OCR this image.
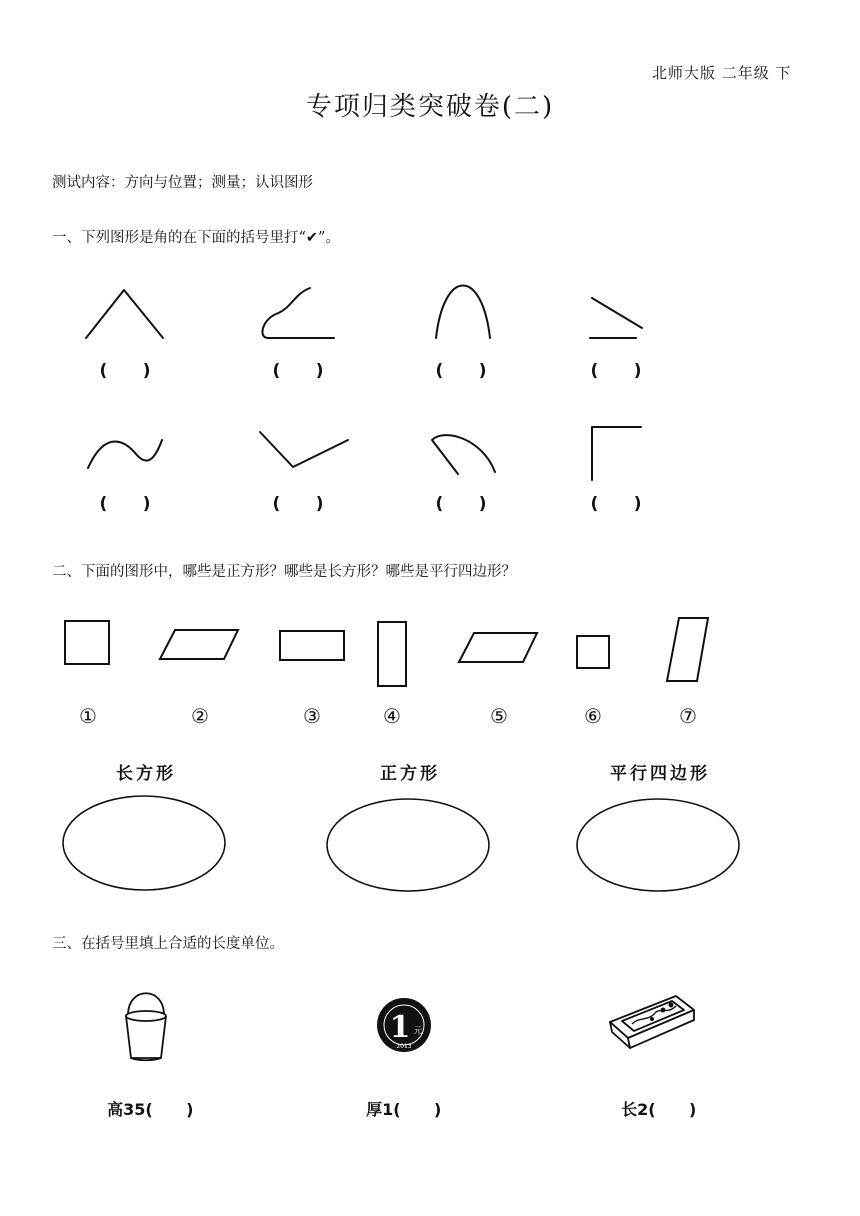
北师大版 二年级 下
专项归类突破卷(二)
测试内容：方向与位置；测量；认识图形
一、下列图形是角的在下面的括号里打“✔”。
(      )	(      )	(      )	(      )
(      )	(      )	(      )	(      )
二、下面的图形中，哪些是正方形？哪些是长方形？哪些是平行四边形？
①	②	③	④	⑤	⑥	⑦
长方形	正方形	平行四边形
三、在括号里填上合适的长度单位。
1 元
2013

高35(      )	厚1(      )	长2(      )
